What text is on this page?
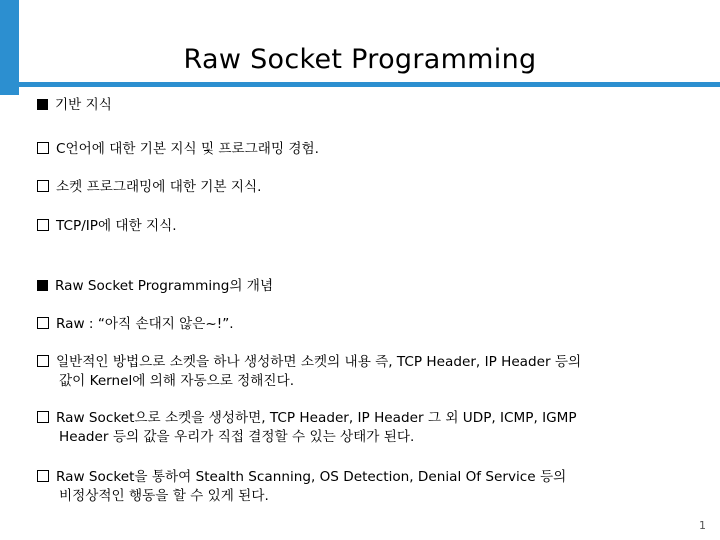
Raw Socket Programming
기반 지식
C언어에 대한 기본 지식 및 프로그래밍 경험.
소켓 프로그래밍에 대한 기본 지식.
TCP/IP에 대한 지식.
Raw Socket Programming의 개념
Raw : “아직 손대지 않은~!”.
일반적인 방법으로 소켓을 하나 생성하면 소켓의 내용 즉, TCP Header, IP Header 등의
값이 Kernel에 의해 자동으로 정해진다.
Raw Socket으로 소켓을 생성하면, TCP Header, IP Header 그 외 UDP, ICMP, IGMP
Header 등의 값을 우리가 직접 결정할 수 있는 상태가 된다.
Raw Socket을 통하여 Stealth Scanning, OS Detection, Denial Of Service 등의
비정상적인 행동을 할 수 있게 된다.
1
